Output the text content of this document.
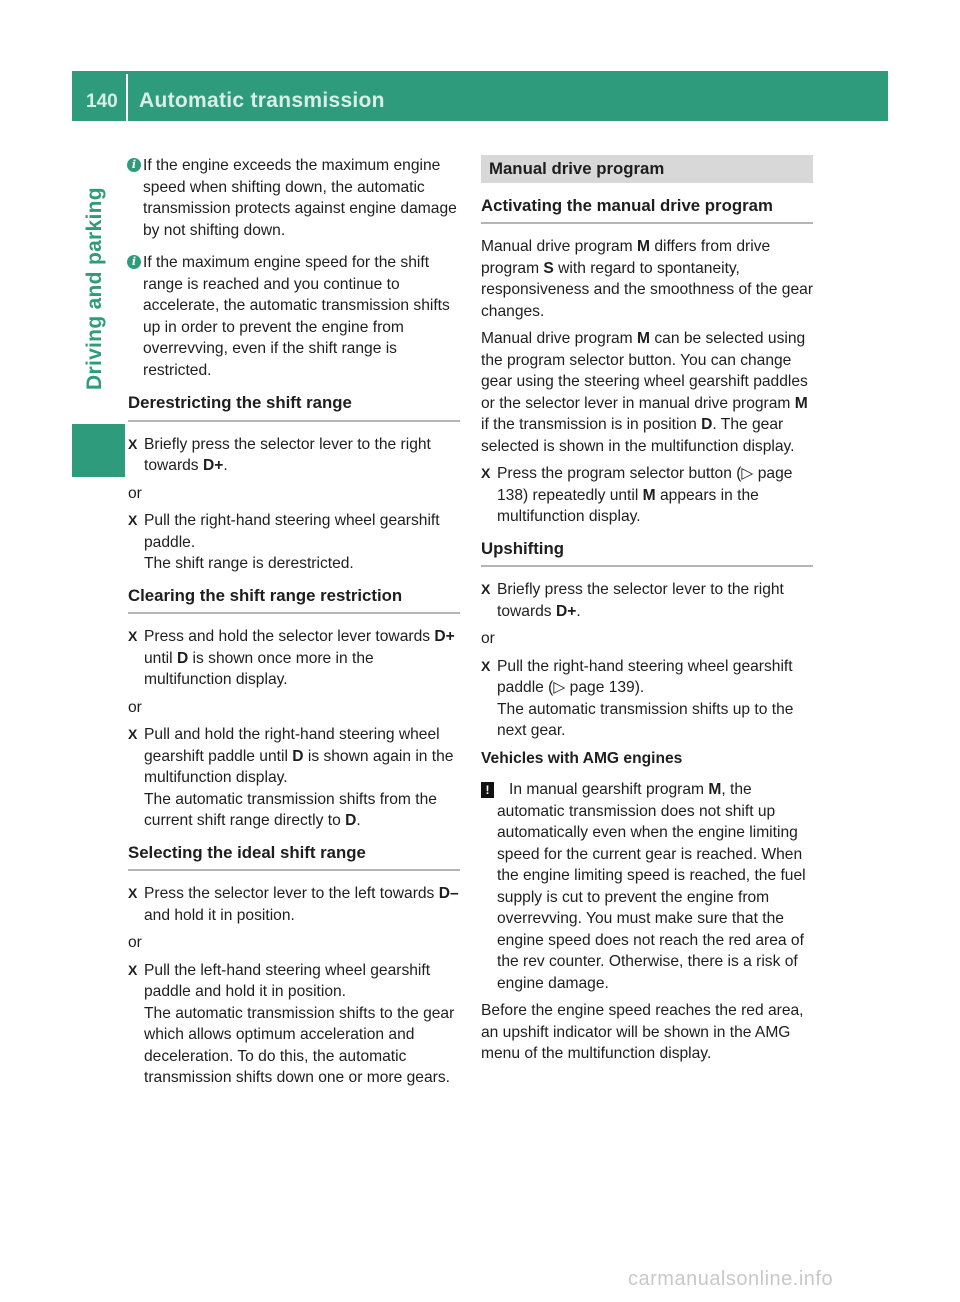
140 Automatic transmission
Driving and parking
i If the engine exceeds the maximum engine speed when shifting down, the automatic transmission protects against engine damage by not shifting down.

i If the maximum engine speed for the shift range is reached and you continue to accelerate, the automatic transmission shifts up in order to prevent the engine from overrevving, even if the shift range is restricted.

Derestricting the shift range
X Briefly press the selector lever to the right towards D+.
or
X Pull the right-hand steering wheel gearshift paddle.
The shift range is derestricted.
Clearing the shift range restriction
X Press and hold the selector lever towards D+ until D is shown once more in the multifunction display.
or
X Pull and hold the right-hand steering wheel gearshift paddle until D is shown again in the multifunction display.
The automatic transmission shifts from the current shift range directly to D.
Selecting the ideal shift range
X Press the selector lever to the left towards D– and hold it in position.
or
X Pull the left-hand steering wheel gearshift paddle and hold it in position.
The automatic transmission shifts to the gear which allows optimum acceleration and deceleration. To do this, the automatic transmission shifts down one or more gears.
Manual drive program
Activating the manual drive program

Manual drive program M differs from drive program S with regard to spontaneity, responsiveness and the smoothness of the gear changes.

Manual drive program M can be selected using the program selector button. You can change gear using the steering wheel gearshift paddles or the selector lever in manual drive program M if the transmission is in position D. The gear selected is shown in the multifunction display.

X Press the program selector button (▷ page 138) repeatedly until M appears in the multifunction display.
Upshifting
X Briefly press the selector lever to the right towards D+.
or
X Pull the right-hand steering wheel gearshift paddle (▷ page 139).
The automatic transmission shifts up to the next gear.
Vehicles with AMG engines
! In manual gearshift program M, the automatic transmission does not shift up automatically even when the engine limiting speed for the current gear is reached. When the engine limiting speed is reached, the fuel supply is cut to prevent the engine from overrevving. You must make sure that the engine speed does not reach the red area of the rev counter. Otherwise, there is a risk of engine damage.

Before the engine speed reaches the red area, an upshift indicator will be shown in the AMG menu of the multifunction display.

carmanualsonline.info
